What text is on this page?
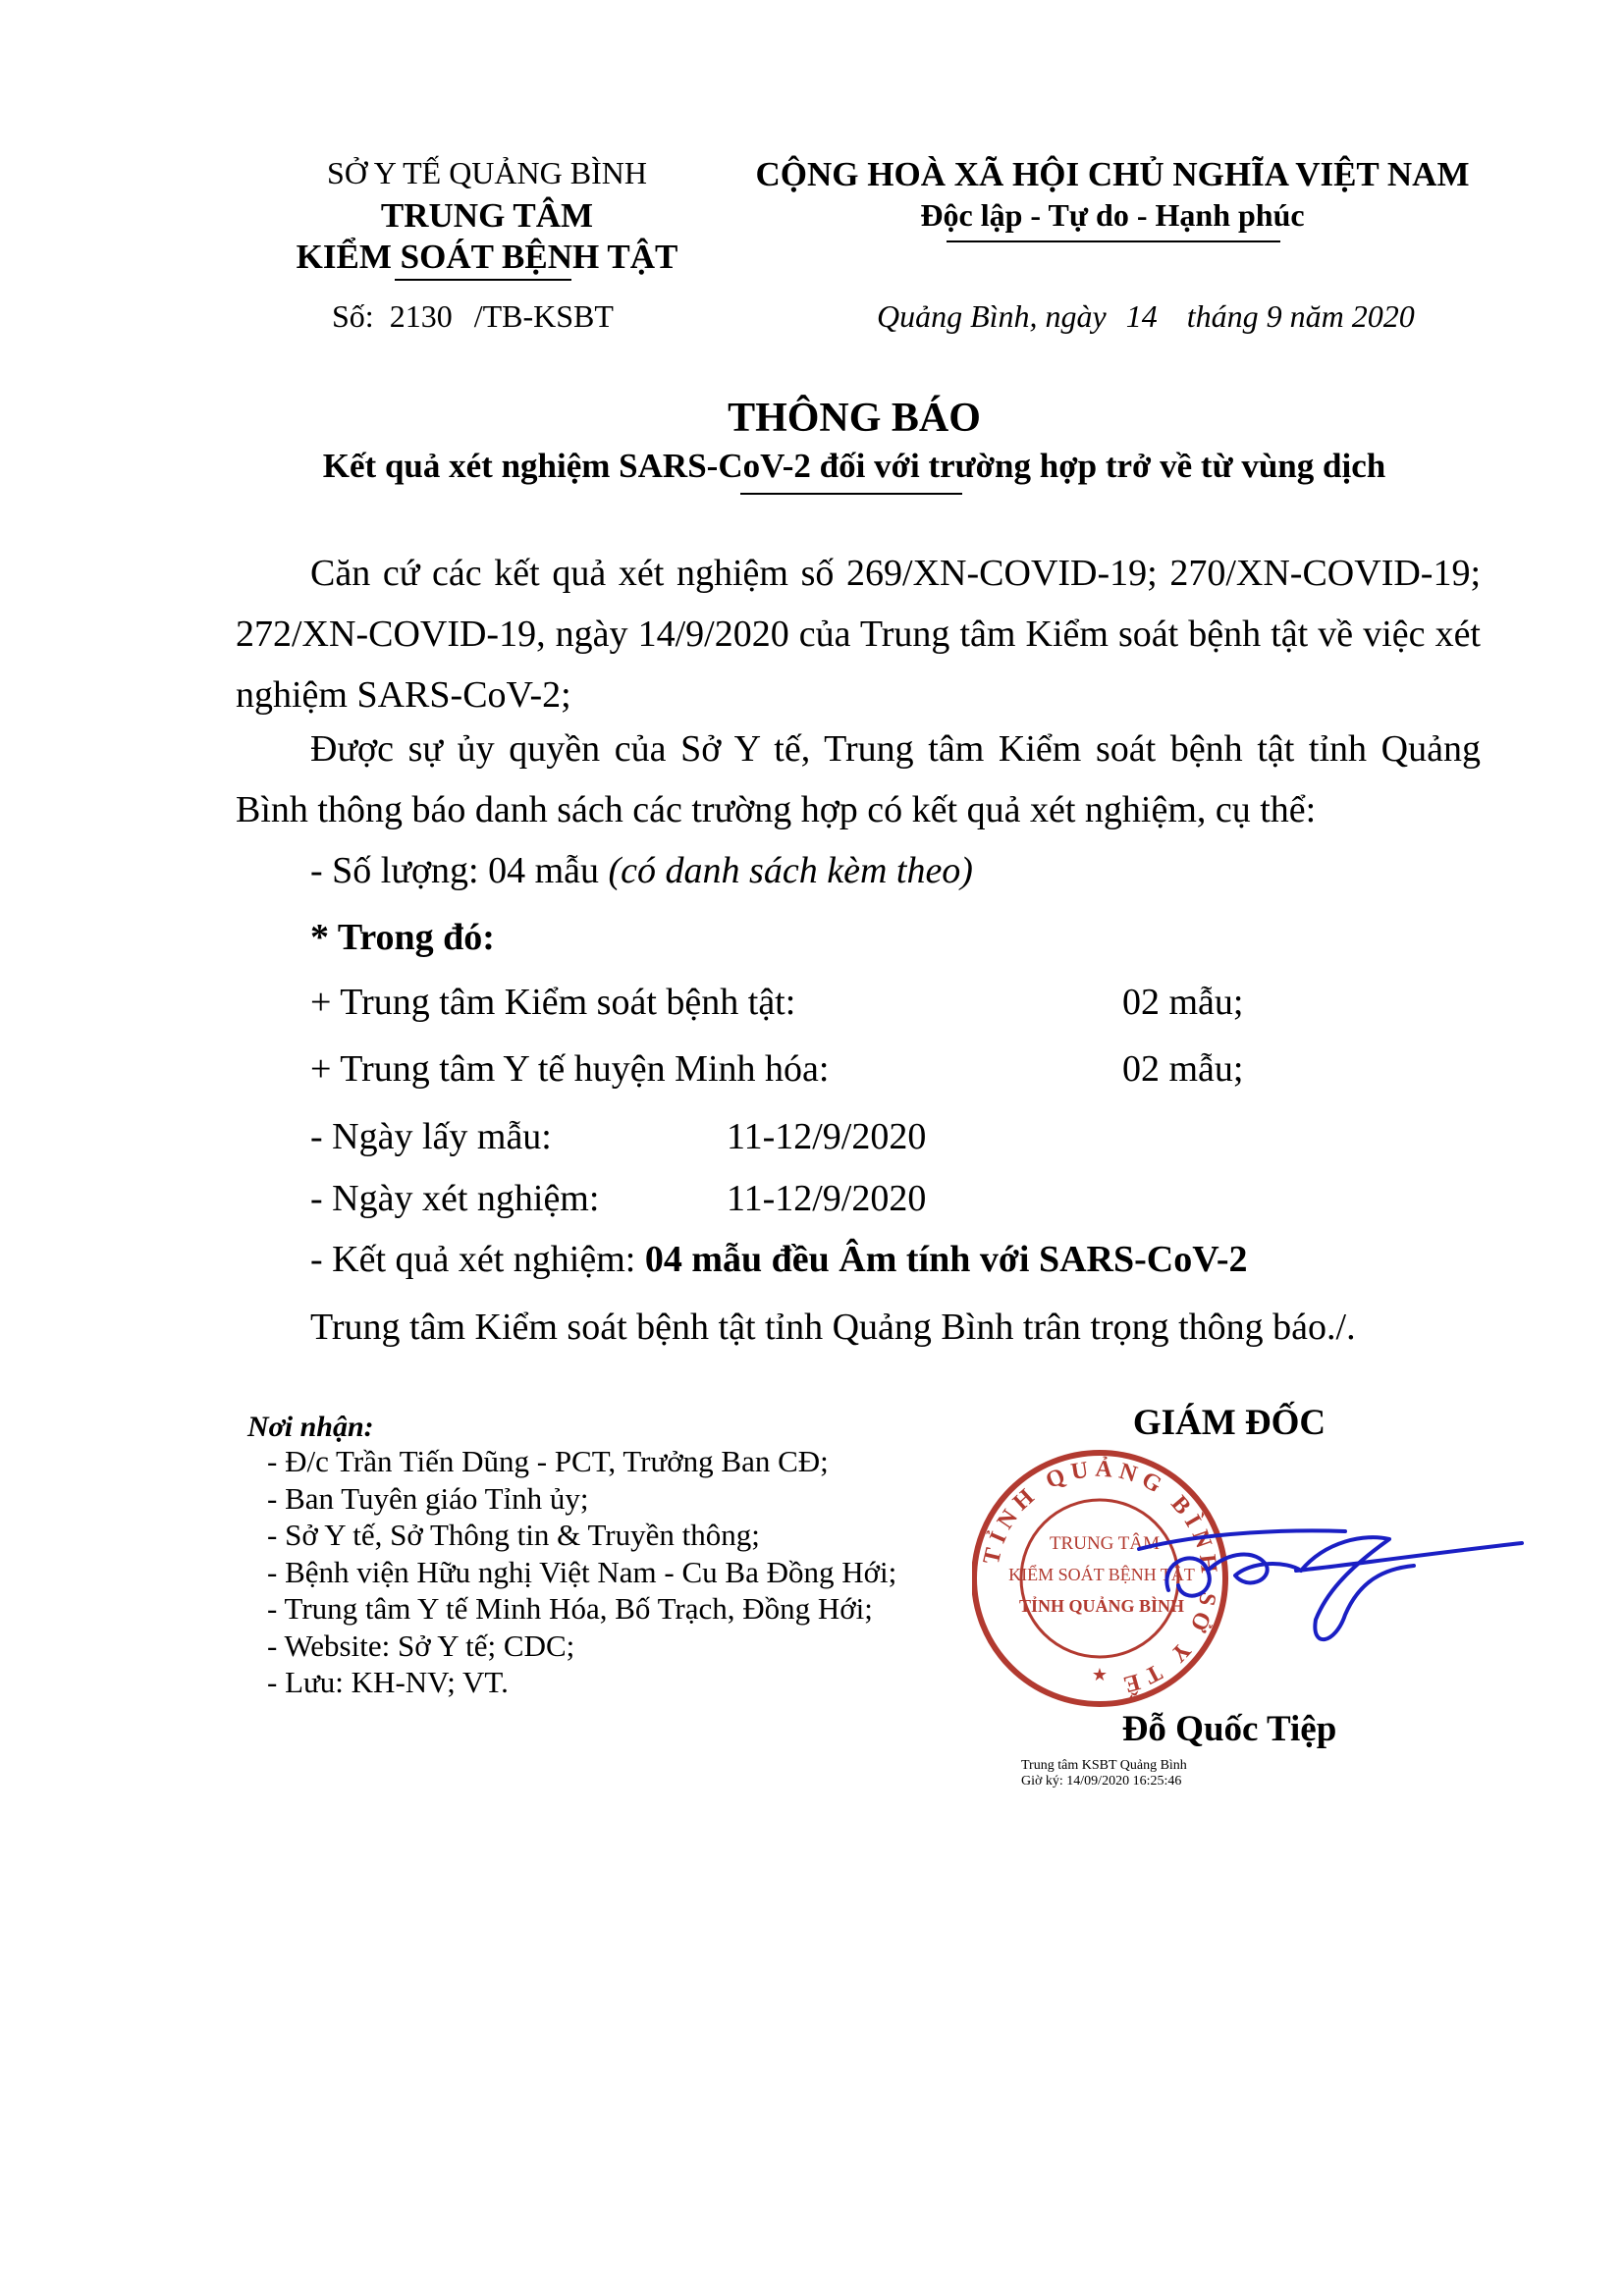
SỞ Y TẾ QUẢNG BÌNH
TRUNG TÂM
KIỂM SOÁT BỆNH TẬT
Số: 2130 /TB-KSBT
CỘNG HOÀ XÃ HỘI CHỦ NGHĨA VIỆT NAM
Độc lập - Tự do - Hạnh phúc
Quảng Bình, ngày 14 tháng 9 năm 2020
THÔNG BÁO
Kết quả xét nghiệm SARS-CoV-2 đối với trường hợp trở về từ vùng dịch
Căn cứ các kết quả xét nghiệm số 269/XN-COVID-19; 270/XN-COVID-19;
272/XN-COVID-19, ngày 14/9/2020 của Trung tâm Kiểm soát bệnh tật về việc xét
nghiệm SARS-CoV-2;
Được sự ủy quyền của Sở Y tế, Trung tâm Kiểm soát bệnh tật tỉnh Quảng
Bình thông báo danh sách các trường hợp có kết quả xét nghiệm, cụ thể:
- Số lượng: 04 mẫu (có danh sách kèm theo)
* Trong đó:
+ Trung tâm Kiểm soát bệnh tật:	02 mẫu;
+ Trung tâm Y tế huyện Minh hóa:	02 mẫu;
- Ngày lấy mẫu:	11-12/9/2020
- Ngày xét nghiệm:	11-12/9/2020
- Kết quả xét nghiệm: 04 mẫu đều Âm tính với SARS-CoV-2
Trung tâm Kiểm soát bệnh tật tỉnh Quảng Bình trân trọng thông báo./.
Nơi nhận:
- Đ/c Trần Tiến Dũng - PCT, Trưởng Ban CĐ;
- Ban Tuyên giáo Tỉnh ủy;
- Sở Y tế, Sở Thông tin & Truyền thông;
- Bệnh viện Hữu nghị Việt Nam - Cu Ba Đồng Hới;
- Trung tâm Y tế Minh Hóa, Bố Trạch, Đồng Hới;
- Website: Sở Y tế; CDC;
- Lưu: KH-NV; VT.
GIÁM ĐỐC
TỈNH QUẢNG BÌNH SỞ Y TẾ
TRUNG TÂM
KIỂM SOÁT BỆNH TẬT
TỈNH QUẢNG BÌNH
★
Đỗ Quốc Tiệp
Trung tâm KSBT Quảng Bình
Giờ ký: 14/09/2020 16:25:46
